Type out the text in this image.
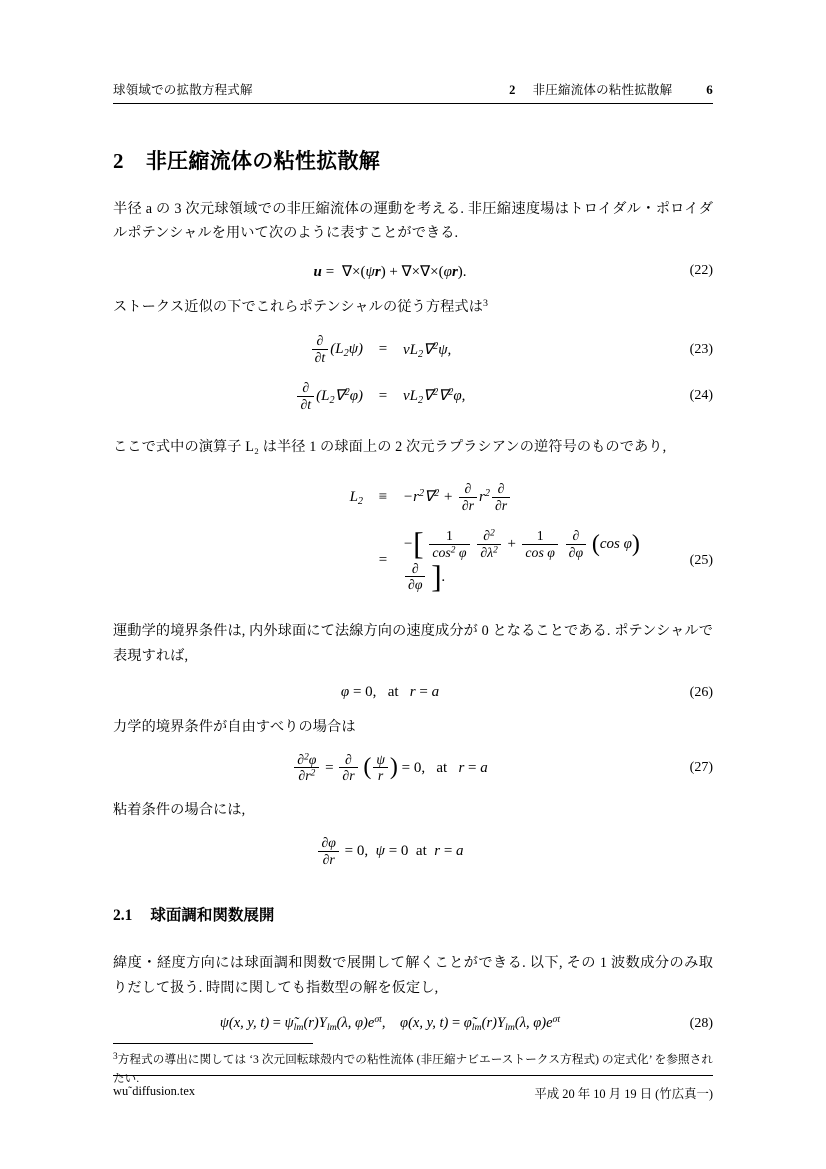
球領域での拡散方程式解	2 非圧縮流体の粘性拡散解	6
2 非圧縮流体の粘性拡散解

半径 a の 3 次元球領域での非圧縮流体の運動を考える. 非圧縮速度場はトロイダル・ポロイダルポテンシャルを用いて次のように表すことができる.

u = ∇×(ψr) + ∇×∇×(φr).	(22)

ストークス近似の下でこれらポテンシャルの従う方程式は$^3$

$\frac{\partial}{\partial t} (L_2\psi)$	=	$\nu L_2\nabla^2\psi$,	(23)
$\frac{\partial}{\partial t} (L_2\nabla^2\varphi)$	=	$\nu L_2\nabla^2\nabla^2\varphi$,	(24)

ここで式中の演算子 L₂ は半径 1 の球面上の 2 次元ラプラシアンの逆符号のものであり,

$L_2$	≡	$-r^2\nabla^2 + \frac{\partial}{\partial r} r^2 \frac{\partial}{\partial r}$
=
−[ $\frac{1}{\cos^2 \varphi}$
$\frac{\partial^2}{\partial\lambda^2} + \frac{1}{\text{cos φ}}$
$\frac{\partial}{\partial\varphi} (\cos$ φ)
$\frac{\partial}{\partial\varphi}$ ].
(25)

運動学的境界条件は, 内外球面にて法線方向の速度成分が 0 となることである. ポテンシャルで表現すれば,

φ = 0, at r = a	(26)

力学的境界条件が自由すべりの場合は

$\frac{\partial^2\varphi}{\partial r^2} = \frac{\partial}{\partial r}$ ( $\frac{\psi}{r}$ ) = 0, at r = a	(27)

粘着条件の場合には,

$\frac{\partial\varphi}{\partial r} = 0$, ψ = 0 at r = a
2.1 球面調和関数展開

緯度・経度方向には球面調和関数で展開して解くことができる. 以下, その 1 波数成分のみ取りだして扱う. 時間に関しても指数型の解を仮定し,

ψ(x, y, $t) = \psĩ_{lm}(r)Y_{lm}(\lambda$, $\varphi)e^{\sigma t}$, φ(x, y, $t) = \varphĩ_{lm}(r)Y_{lm}(\lambda$, $\varphi)e^{\sigma t}$	(28)
$^3$方程式の導出に関しては ‘3 次元回転球殻内での粘性流体 (非圧縮ナビエーストークス方程式) の定式化’ を参照されたい.
wu˜diffusion.tex	平成 20 年 10 月 19 日 (竹広真一)
